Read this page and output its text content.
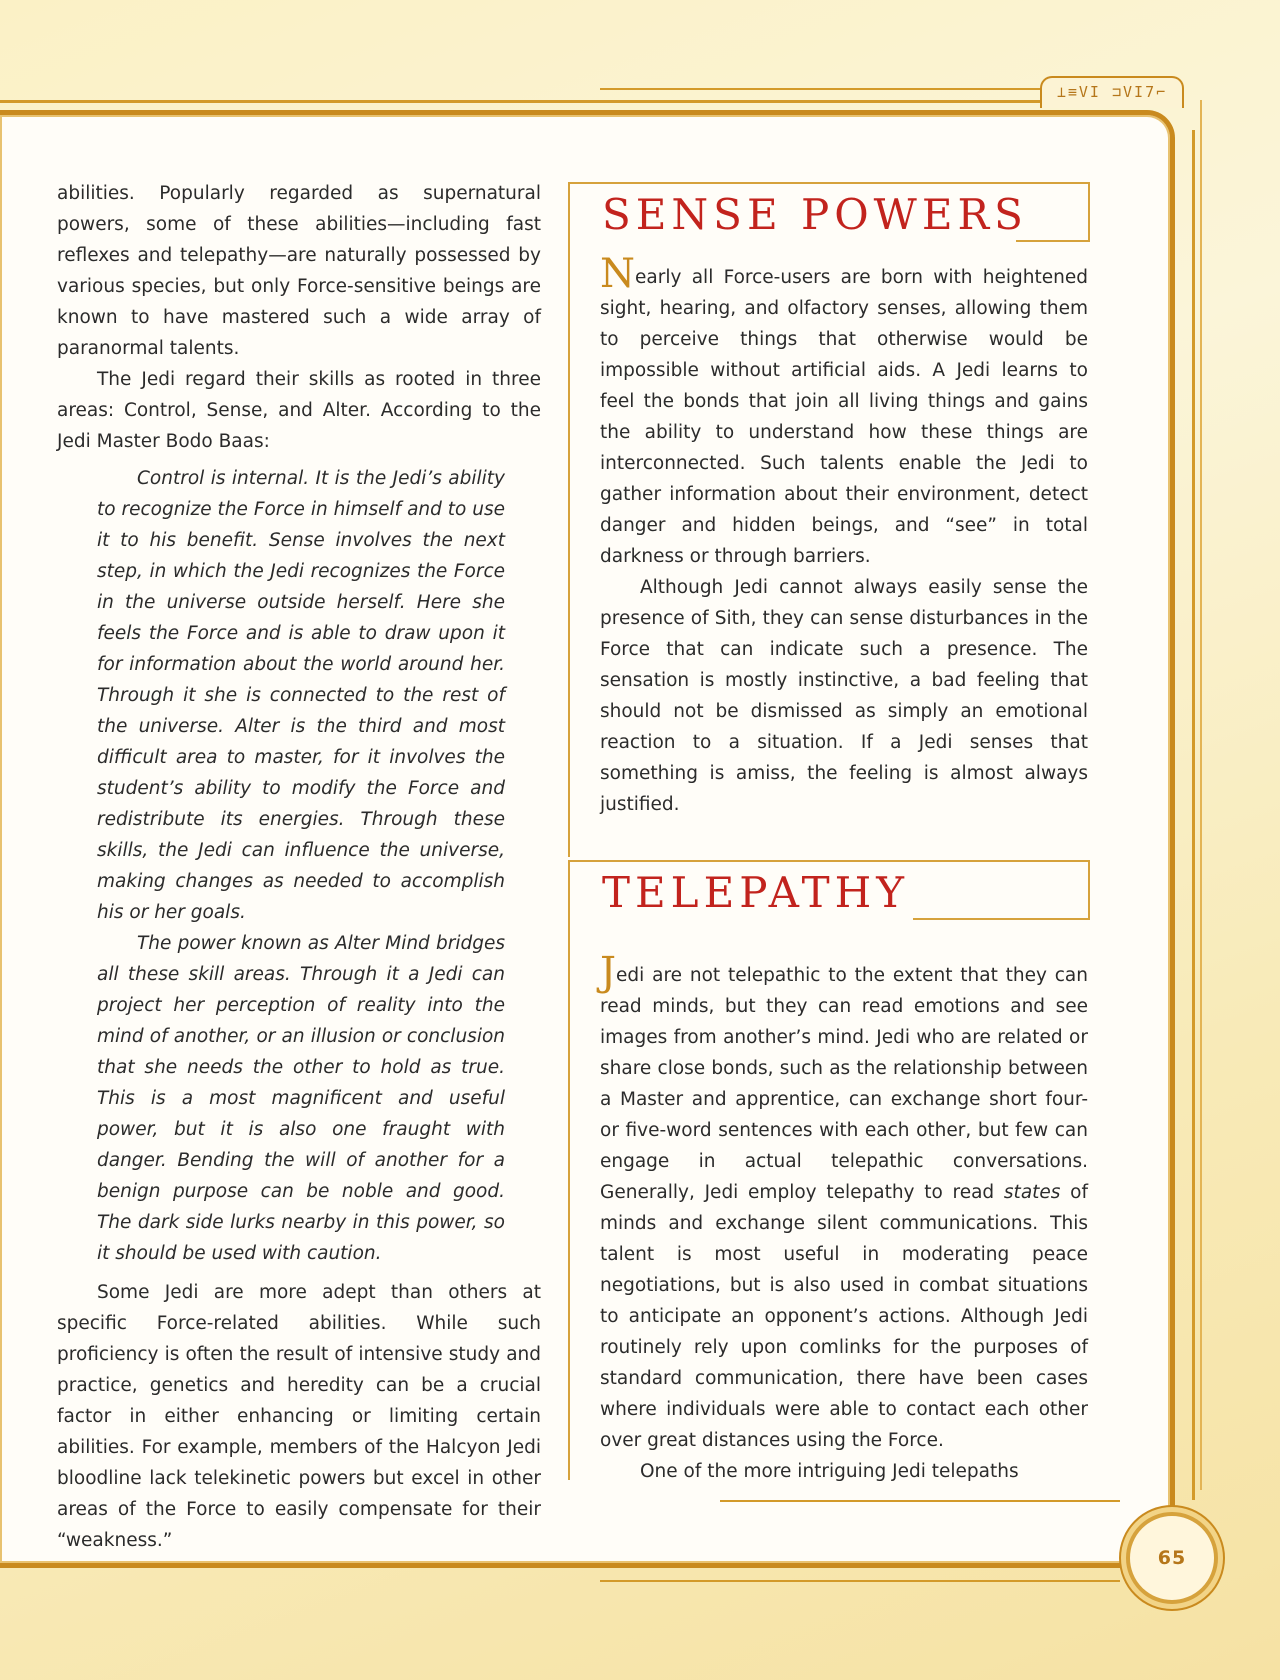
⊥≡VI ⊐VI7⌐

abilities. Popularly regarded as supernatural powers, some of these abilities—including fast reflexes and telepathy—are naturally possessed by various species, but only Force-sensitive beings are known to have mastered such a wide array of paranormal talents.

The Jedi regard their skills as rooted in three areas: Control, Sense, and Alter. According to the Jedi Master Bodo Baas:

Control is internal. It is the Jedi’s ability to recognize the Force in himself and to use it to his benefit. Sense involves the next step, in which the Jedi recognizes the Force in the universe outside herself. Here she feels the Force and is able to draw upon it for information about the world around her. Through it she is connected to the rest of the universe. Alter is the third and most difficult area to master, for it involves the student’s ability to modify the Force and redistribute its energies. Through these skills, the Jedi can influence the universe, making changes as needed to accomplish his or her goals.

The power known as Alter Mind bridges all these skill areas. Through it a Jedi can project her perception of reality into the mind of another, or an illusion or conclusion that she needs the other to hold as true. This is a most magnificent and useful power, but it is also one fraught with danger. Bending the will of another for a benign purpose can be noble and good. The dark side lurks nearby in this power, so it should be used with caution.

Some Jedi are more adept than others at specific Force-related abilities. While such proficiency is often the result of intensive study and practice, genetics and heredity can be a crucial factor in either enhancing or limiting certain abilities. For example, members of the Halcyon Jedi bloodline lack telekinetic powers but excel in other areas of the Force to easily compensate for their “weakness.”

SENSE POWERS

Nearly all Force-users are born with heightened sight, hearing, and olfactory senses, allowing them to perceive things that otherwise would be impossible without artificial aids. A Jedi learns to feel the bonds that join all living things and gains the ability to understand how these things are interconnected. Such talents enable the Jedi to gather information about their environment, detect danger and hidden beings, and “see” in total darkness or through barriers.

Although Jedi cannot always easily sense the presence of Sith, they can sense disturbances in the Force that can indicate such a presence. The sensation is mostly instinctive, a bad feeling that should not be dismissed as simply an emotional reaction to a situation. If a Jedi senses that something is amiss, the feeling is almost always justified.

TELEPATHY

Jedi are not telepathic to the extent that they can read minds, but they can read emotions and see images from another’s mind. Jedi who are related or share close bonds, such as the relationship between a Master and apprentice, can exchange short four- or five-word sentences with each other, but few can engage in actual telepathic conversations. Generally, Jedi employ telepathy to read states of minds and exchange silent communications. This talent is most useful in moderating peace negotiations, but is also used in combat situations to anticipate an opponent’s actions. Although Jedi routinely rely upon comlinks for the purposes of standard communication, there have been cases where individuals were able to contact each other over great distances using the Force.

One of the more intriguing Jedi telepaths

65
